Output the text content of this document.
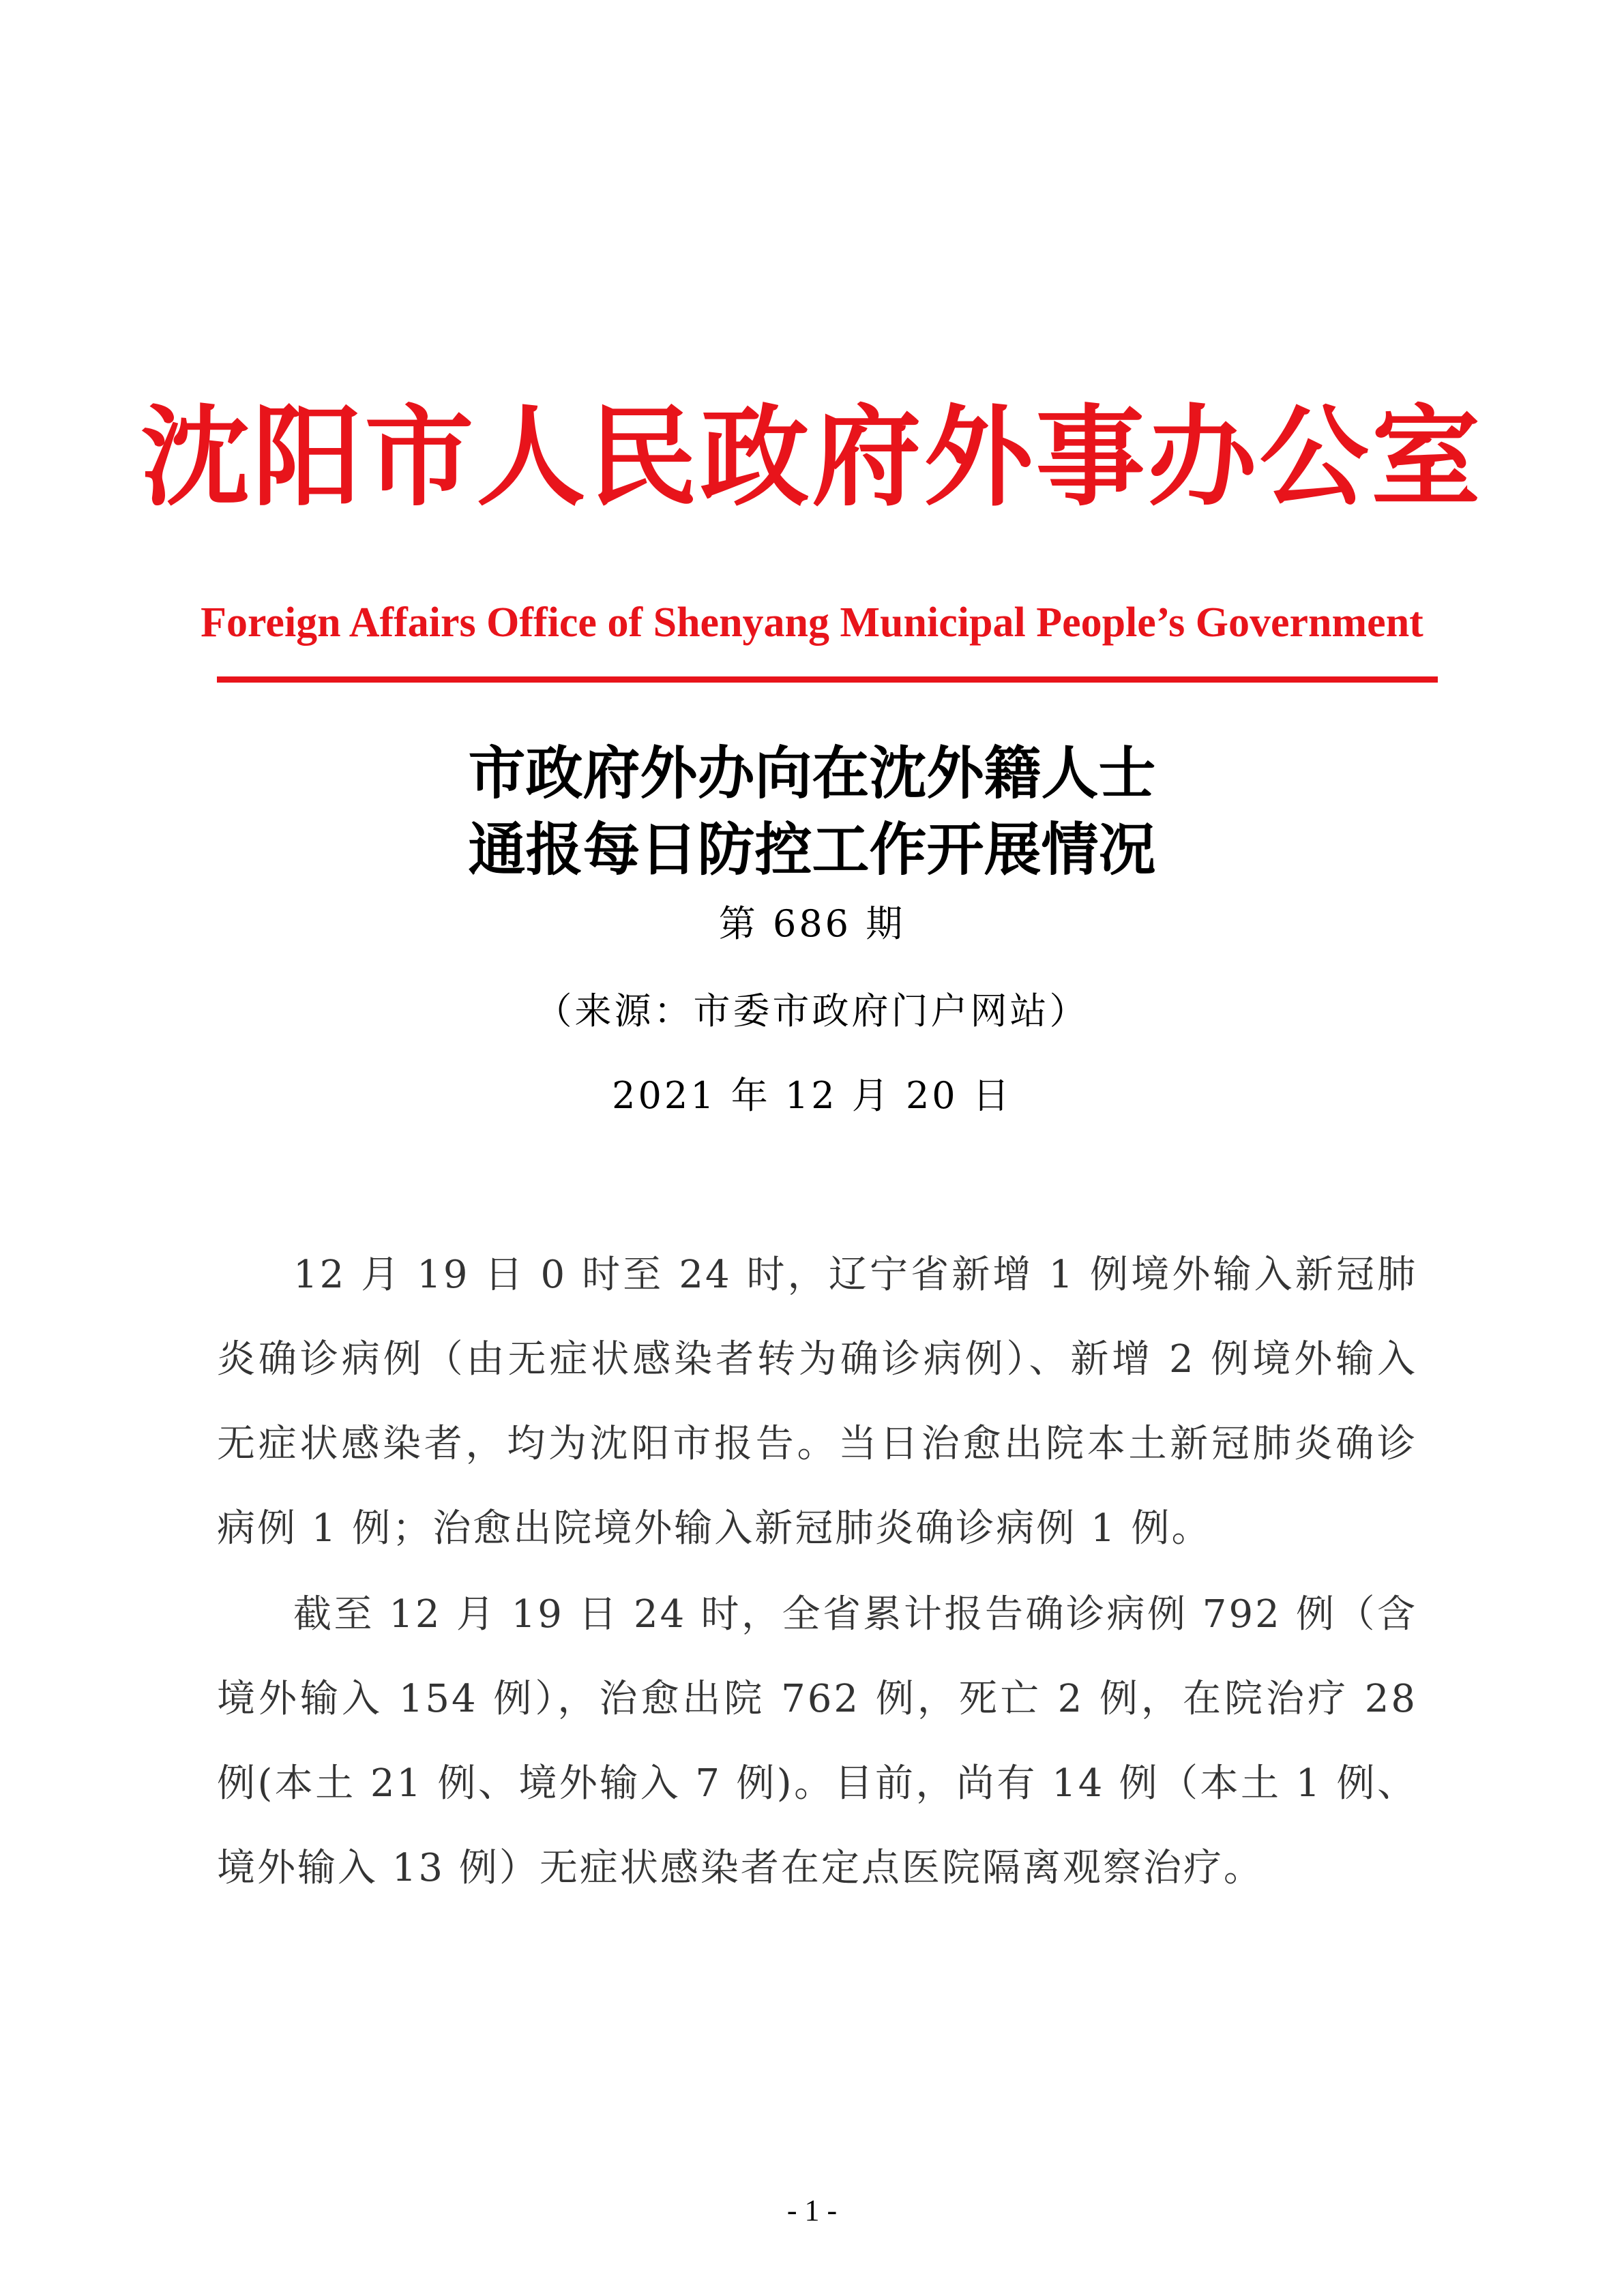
沈阳市人民政府外事办公室
Foreign Affairs Office of Shenyang Municipal People’s Government
市政府外办向在沈外籍人士
通报每日防控工作开展情况
第 686 期
（来源：市委市政府门户网站）
2021 年 12 月 20 日

12 月 19 日 0 时至 24 时，辽宁省新增 1 例境外输入新冠肺炎确诊病例（由无症状感染者转为确诊病例）、新增 2 例境外输入无症状感染者，均为沈阳市报告。当日治愈出院本土新冠肺炎确诊病例 1 例；治愈出院境外输入新冠肺炎确诊病例 1 例。

截至 12 月 19 日 24 时，全省累计报告确诊病例 792 例（含境外输入 154 例），治愈出院 762 例，死亡 2 例，在院治疗 28 例(本土 21 例、境外输入 7 例)。目前，尚有 14 例（本土 1 例、境外输入 13 例）无症状感染者在定点医院隔离观察治疗。

- 1 -
